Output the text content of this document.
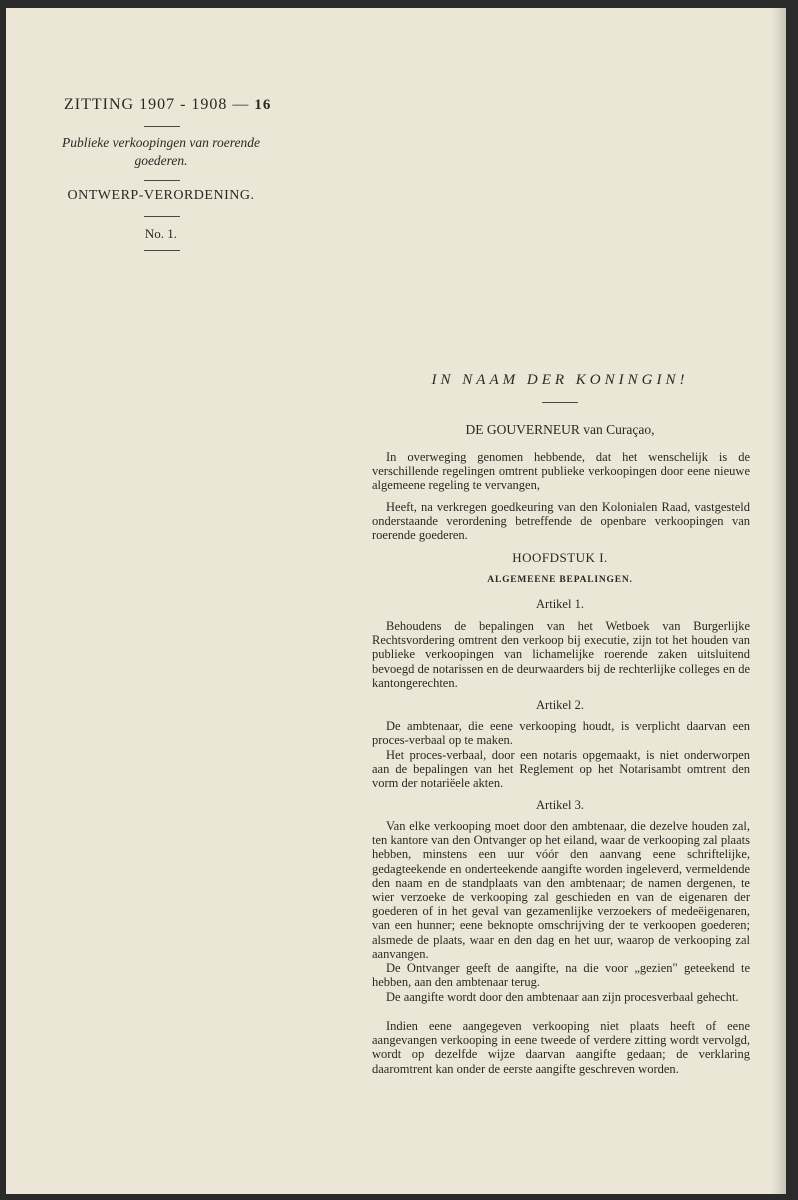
ZITTING 1907 - 1908 — 16
Publieke verkoopingen van roerende goederen.
ONTWERP-VERORDENING.
No. 1.
IN NAAM DER KONINGIN!
DE GOUVERNEUR van Curaçao,
In overweging genomen hebbende, dat het wenschelijk is de verschillende regelingen omtrent publieke verkoopingen door eene nieuwe algemeene regeling te vervangen,
Heeft, na verkregen goedkeuring van den Kolonialen Raad, vastgesteld onderstaande verordening betreffende de openbare verkoopingen van roerende goederen.
HOOFDSTUK I.
ALGEMEENE BEPALINGEN.
Artikel 1.
Behoudens de bepalingen van het Wetboek van Burgerlijke Rechtsvordering omtrent den verkoop bij executie, zijn tot het houden van publieke verkoopingen van lichamelijke roerende zaken uitsluitend bevoegd de notarissen en de deurwaarders bij de rechterlijke colleges en de kantongerechten.
Artikel 2.
De ambtenaar, die eene verkooping houdt, is verplicht daarvan een proces-verbaal op te maken.
Het proces-verbaal, door een notaris opgemaakt, is niet onderworpen aan de bepalingen van het Reglement op het Notarisambt omtrent den vorm der notariëele akten.
Artikel 3.
Van elke verkooping moet door den ambtenaar, die dezelve houden zal, ten kantore van den Ontvanger op het eiland, waar de verkooping zal plaats hebben, minstens een uur vóór den aanvang eene schriftelijke, gedagteekende en onderteekende aangifte worden ingeleverd, vermeldende den naam en de standplaats van den ambtenaar; de namen dergenen, te wier verzoeke de verkooping zal geschieden en van de eigenaren der goederen of in het geval van gezamenlijke verzoekers of medeëigenaren, van een hunner; eene beknopte omschrijving der te verkoopen goederen; alsmede de plaats, waar en den dag en het uur, waarop de verkooping zal aanvangen.
De Ontvanger geeft de aangifte, na die voor „gezien" geteekend te hebben, aan den ambtenaar terug.
De aangifte wordt door den ambtenaar aan zijn procesverbaal gehecht.
Indien eene aangegeven verkooping niet plaats heeft of eene aangevangen verkooping in eene tweede of verdere zitting wordt vervolgd, wordt op dezelfde wijze daarvan aangifte gedaan; de verklaring daaromtrent kan onder de eerste aangifte geschreven worden.
